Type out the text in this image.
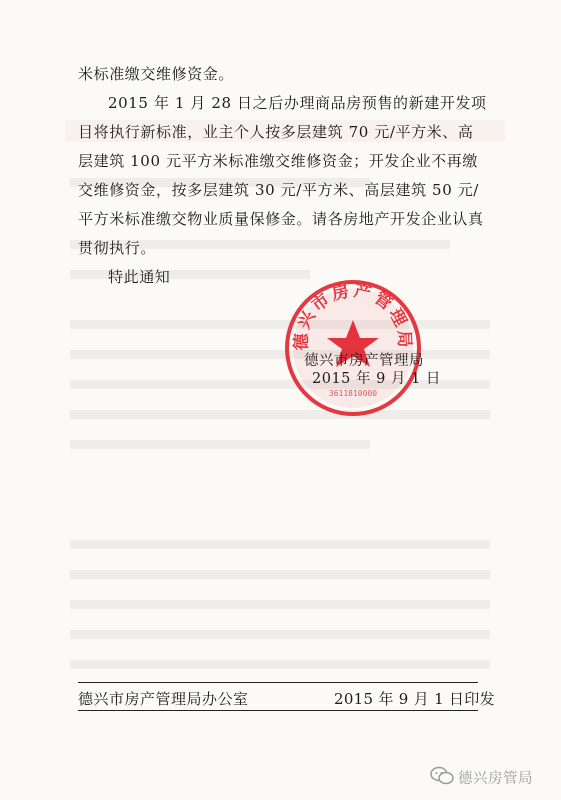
米标准缴交维修资金。

2015 年 1 月 28 日之后办理商品房预售的新建开发项目将执行新标准，业主个人按多层建筑 70 元/平方米、高层建筑 100 元平方米标准缴交维修资金；开发企业不再缴交维修资金，按多层建筑 30 元/平方米、高层建筑 50 元/平方米标准缴交物业质量保修金。请各房地产开发企业认真贯彻执行。

特此通知

德兴市房产管理局
3611810000
德兴市房产管理局
2015 年 9 月 1 日
德兴市房产管理局办公室	2015 年 9 月 1 日印发
德兴房管局
